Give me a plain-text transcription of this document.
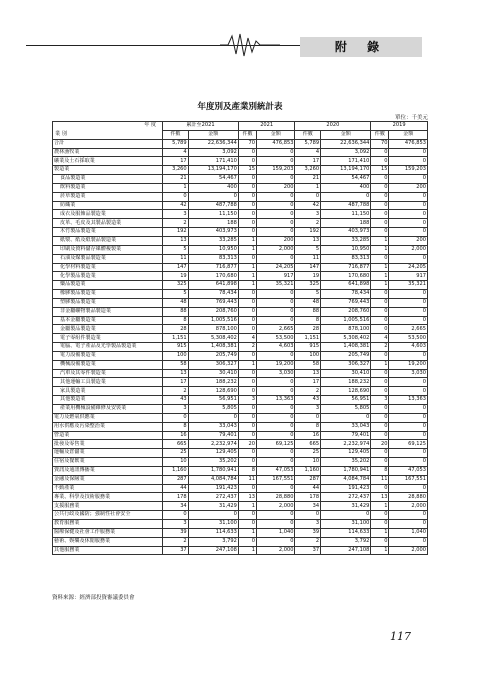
附 錄
年度別及產業別統計表
單位：千美元
年 度
業 別	累計至2021		2021		2020		2019	
	件數	金額	件數	金額	件數	金額	件數	金額
合計	5,789	22,636,344	70	476,853	5,789	22,636,344	70	476,853
農林漁牧業	4	3,092	0	0	4	3,092	0	0
礦業及土石採取業	17	171,410	0	0	17	171,410	0	0
製造業	3,260	13,194,170	15	159,203	3,260	13,194,170	15	159,203
食品製造業	21	54,467	0	0	21	54,467	0	0
飲料製造業	1	400	0	200	1	400	0	200
菸草製造業	0	0	0	0	0	0	0	0
紡織業	42	487,788	0	0	42	487,788	0	0
成衣及服飾品製造業	3	11,150	0	0	3	11,150	0	0
皮革、毛皮及其製品製造業	2	188	0	0	2	188	0	0
木竹製品製造業	192	403,973	0	0	192	403,973	0	0
紙漿、紙及紙製品製造業	13	33,285	1	200	13	33,285	1	200
印刷及資料儲存媒體複製業	5	10,950	1	2,000	5	10,950	1	2,000
石油及煤製品製造業	11	83,313	0	0	11	83,313	0	0
化學材料製造業	147	716,877	1	24,205	147	716,877	1	24,205
化學製品製造業	19	170,680	1	917	19	170,680	1	917
藥品製造業	325	641,898	1	35,321	325	641,898	1	35,321
橡膠製品製造業	5	78,434	0	0	5	78,434	0	0
塑膠製品製造業	48	769,443	0	0	48	769,443	0	0
非金屬礦物製品製造業	88	208,760	0	0	88	208,760	0	0
基本金屬製造業	8	1,005,516	0	0	8	1,005,516	0	0
金屬製品製造業	28	878,100	0	2,665	28	878,100	0	2,665
電子零組件製造業	1,151	5,308,402	4	53,500	1,151	5,308,402	4	53,500
電腦、電子產品及光學製品製造業	915	1,408,381	2	4,603	915	1,408,381	2	4,603
電力設備製造業	100	205,749	0	0	100	205,749	0	0
機械設備製造業	58	306,327	1	19,200	58	306,327	1	19,200
汽車及其零件製造業	13	30,410	0	3,030	13	30,410	0	3,030
其他運輸工具製造業	17	188,232	0	0	17	188,232	0	0
家具製造業	2	128,690	0	0	2	128,690	0	0
其他製造業	43	56,951	3	13,363	43	56,951	3	13,363
產業用機械設備維修及安裝業	3	5,805	0	0	3	5,805	0	0
電力及燃氣供應業	0	0	0	0	0	0	0	0
用水供應及污染整治業	8	33,043	0	0	8	33,043	0	0
營造業	16	79,401	0	0	16	79,401	0	0
批發及零售業	665	2,232,974	20	69,125	665	2,232,974	20	69,125
運輸及倉儲業	25	129,405	0	0	25	129,405	0	0
住宿及餐飲業	10	35,202	0	0	10	35,202	0	0
資訊及通訊傳播業	1,160	1,780,941	8	47,053	1,160	1,780,941	8	47,053
金融及保險業	287	4,084,784	11	167,551	287	4,084,784	11	167,551
不動產業	44	191,423	0	0	44	191,423	0	0
專業、科學及技術服務業	178	272,437	13	28,880	178	272,437	13	28,880
支援服務業	34	31,429	1	2,000	34	31,429	1	2,000
公共行政及國防；強制性社會安全	0	0	0	0	0	0	0	0
教育服務業	3	31,100	0	0	3	31,100	0	0
醫療保健及社會工作服務業	39	114,633	1	1,040	39	114,633	1	1,040
藝術、娛樂及休閒服務業	2	3,792	0	0	2	3,792	0	0
其他服務業	37	247,108	1	2,000	37	247,108	1	2,000
資料來源：經濟部投資審議委員會
117
